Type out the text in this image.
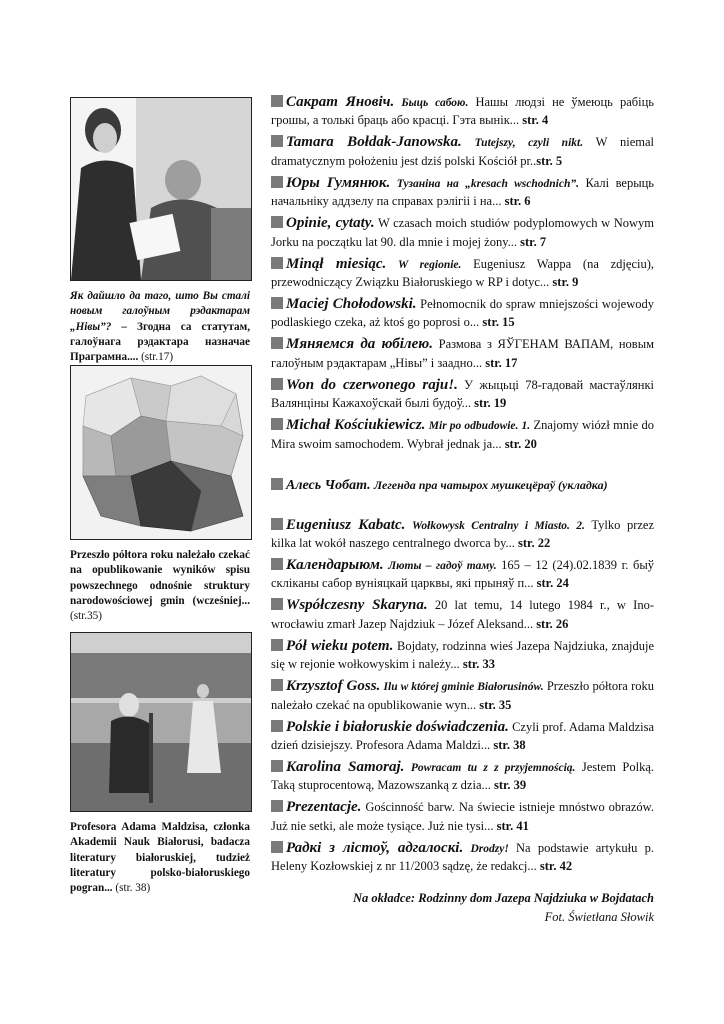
Як дайшло да таго, што Вы сталі новым галоўным рэдактарам „Нівы”? – Згодна са статутам, галоўнага рэдактара назначае Праграмна.... (str.17)

Przeszło półtora roku należało czekać na opublikowanie wyników spisu powszechnego odnośnie struktury narodowościowej gmin (wcześniej... (str.35)

Profesora Adama Maldzisa, członka Akademii Nauk Białorusi, badacza literatury białoruskiej, tudzież literatury polsko-białoruskiego pogran... (str. 38)

Сакрат Яновіч. Быць сабою. Нашы людзі не ўмеюць рабіць грошы, а толькі браць або красці. Гэта вынік... str. 4
Tamara Bołdak-Janowska. Tutejszy, czyli nikt. W niemal dramatycznym położeniu jest dziś polski Kościół pr..str. 5
Юры Гумянюк. Тузаніна на „kresach wschodnich”. Калі верыць начальніку аддзелу па справах рэлігіі і на... str. 6
Opinie, cytaty. W czasach moich studiów podyplomowych w Nowym Jorku na początku lat 90. dla mnie i mojej żony... str. 7
Minął miesiąc. W regionie. Eugeniusz Wappa (na zdjęciu), przewodniczący Związku Białoruskiego w RP i dotyc... str. 9
Maciej Chołodowski. Pełnomocnik do spraw mniejszości wojewody podlaskiego czeka, aż ktoś go poprosi o... str. 15
Мяняемся да юбілею. Размова з ЯЎГЕНАМ ВАПАМ, новым галоўным рэдактарам „Нівы” і заадно... str. 17
Won do czerwonego raju!. У жыцьці 78-гадовай мастаўлянкі Валянціны Кажахоўскай былі будоў... str. 19
Michał Kościukiewicz. Mir po odbudowie. 1. Znajomy wiózł mnie do Mira swoim samochodem. Wybrał jednak ja... str. 20
Алесь Чобат. Легенда пра чатырох мушкецёраў (укладка)
Eugeniusz Kabatc. Wołkowysk Centralny i Miasto. 2. Tylko przez kilka lat wokół naszego centralnego dworca by... str. 22
Календарыюм. Люты – гадоў таму. 165 – 12 (24).02.1839 г. быў скліканы сабор вуніяцкай царквы, які прыняў п... str. 24
Współczesny Skaryna. 20 lat temu, 14 lutego 1984 r., w Inowrocławiu zmarł Jazep Najdziuk – Józef Aleksand... str. 26
Pół wieku potem. Bojdaty, rodzinna wieś Jazepa Najdziuka, znajduje się w rejonie wołkowyskim i należy... str. 33
Krzysztof Goss. Ilu w której gminie Białorusinów. Przeszło półtora roku należało czekać na opublikowanie wyn... str. 35
Polskie i białoruskie doświadczenia. Czyli prof. Adama Maldzisa dzień dzisiejszy. Profesora Adama Maldzi... str. 38
Karolina Samoraj. Powracam tu z z przyjemnością. Jestem Polką. Taką stuprocentową, Mazowszanką z dzia... str. 39
Prezentacje. Gościnność barw. Na świecie istnieje mnóstwo obrazów. Już nie setki, ale może tysiące. Już nie tysi... str. 41
Радкі з лістоў, адгалоскі. Drodzy! Na podstawie artykułu p. Heleny Kozłowskiej z nr 11/2003 sądzę, że redakcj... str. 42
Na okładce: Rodzinny dom Jazepa Najdziuka w Bojdatach
Fot. Świetłana Słowik
